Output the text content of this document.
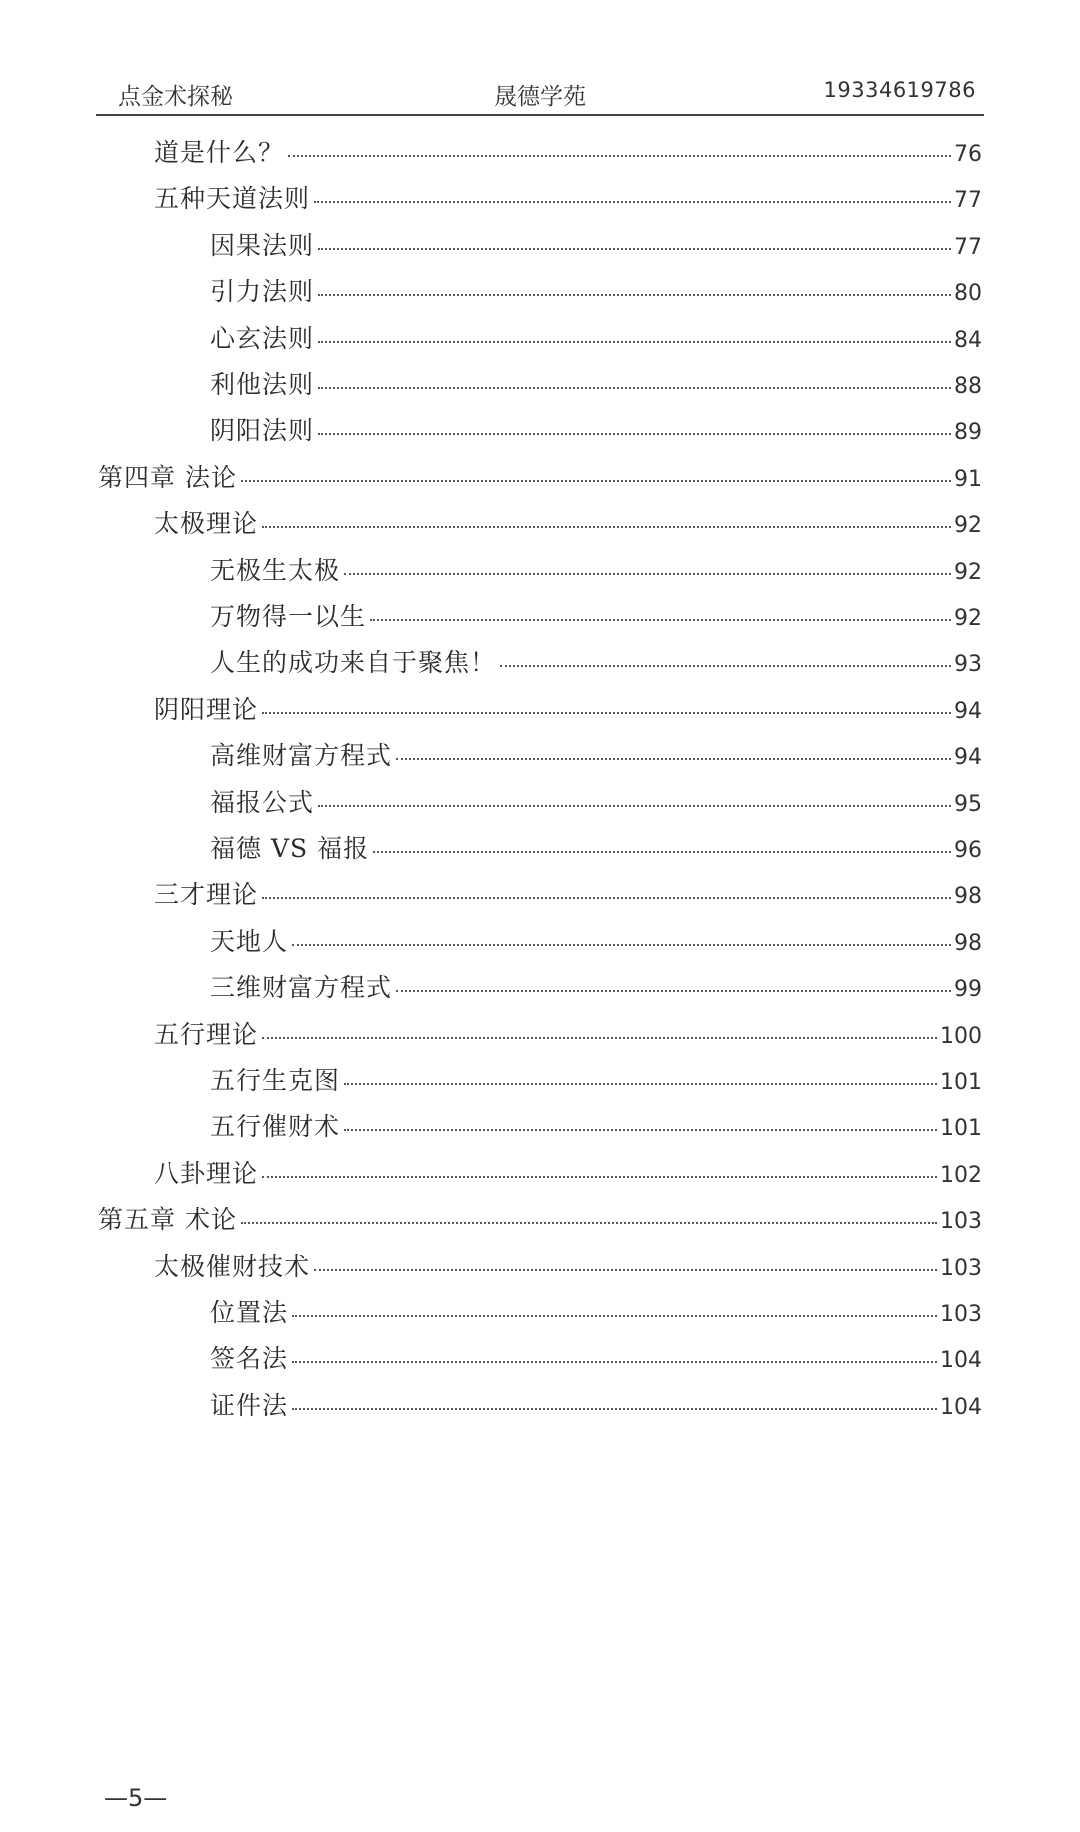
点金术探秘	晟德学苑	19334619786
道是什么？	76
五种天道法则	77
因果法则	77
引力法则	80
心玄法则	84
利他法则	88
阴阳法则	89
第四章 法论	91
太极理论	92
无极生太极	92
万物得一以生	92
人生的成功来自于聚焦！	93
阴阳理论	94
高维财富方程式	94
福报公式	95
福德 VS 福报	96
三才理论	98
天地人	98
三维财富方程式	99
五行理论	100
五行生克图	101
五行催财术	101
八卦理论	102
第五章 术论	103
太极催财技术	103
位置法	103
签名法	104
证件法	104
—5—
